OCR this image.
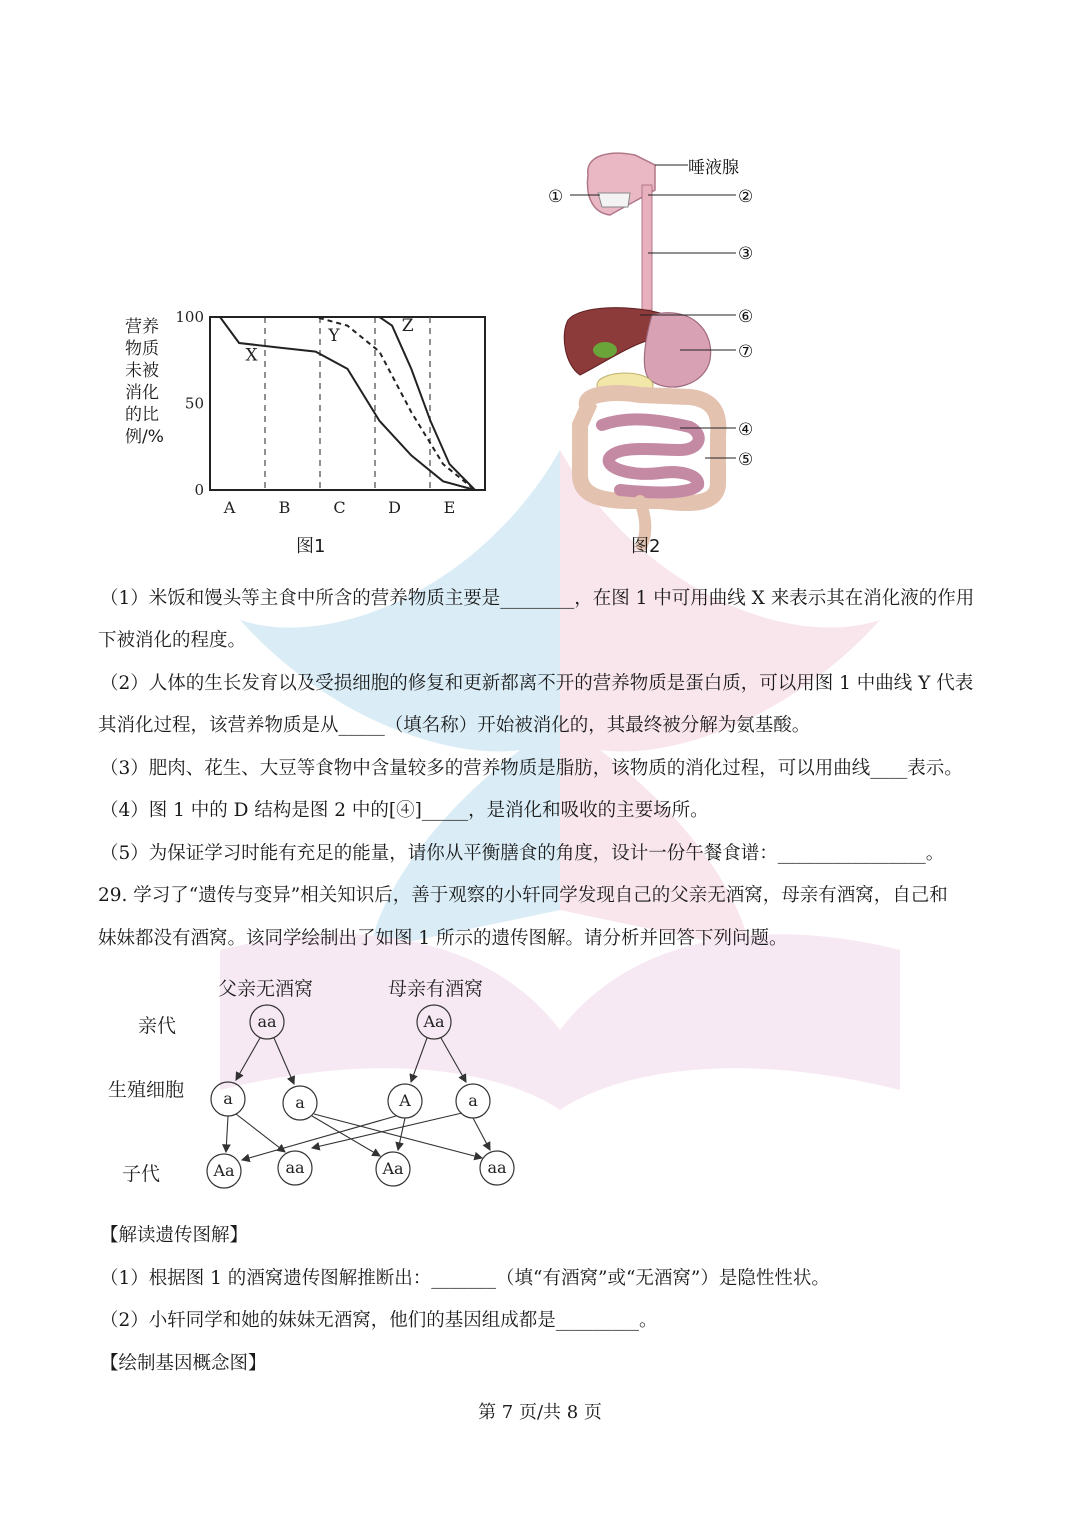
营养
物质
未被
消化
的比
例/%
100
50
0
A	B	C	D	E
X
Y
Z
图1
唾液腺
①	②
③
⑥
⑦
④
⑤
图2
（1）米饭和馒头等主食中所含的营养物质主要是________，在图 1 中可用曲线 X 来表示其在消化液的作用
下被消化的程度。
（2）人体的生长发育以及受损细胞的修复和更新都离不开的营养物质是蛋白质，可以用图 1 中曲线 Y 代表
其消化过程，该营养物质是从_____（填名称）开始被消化的，其最终被分解为氨基酸。
（3）肥肉、花生、大豆等食物中含量较多的营养物质是脂肪，该物质的消化过程，可以用曲线____表示。
（4）图 1 中的 D 结构是图 2 中的[④]_____，是消化和吸收的主要场所。
（5）为保证学习时能有充足的能量，请你从平衡膳食的角度，设计一份午餐食谱：________________。
29. 学习了“遗传与变异”相关知识后，善于观察的小轩同学发现自己的父亲无酒窝，母亲有酒窝，自己和
妹妹都没有酒窝。该同学绘制出了如图 1 所示的遗传图解。请分析并回答下列问题。
父亲无酒窝	母亲有酒窝
亲代
生殖细胞
子代
aa	Aa
a	a	A	a
Aa	aa	Aa	aa
【解读遗传图解】
（1）根据图 1 的酒窝遗传图解推断出：_______（填“有酒窝”或“无酒窝”）是隐性性状。
（2）小轩同学和她的妹妹无酒窝，他们的基因组成都是_________。
【绘制基因概念图】
第 7 页/共 8 页
